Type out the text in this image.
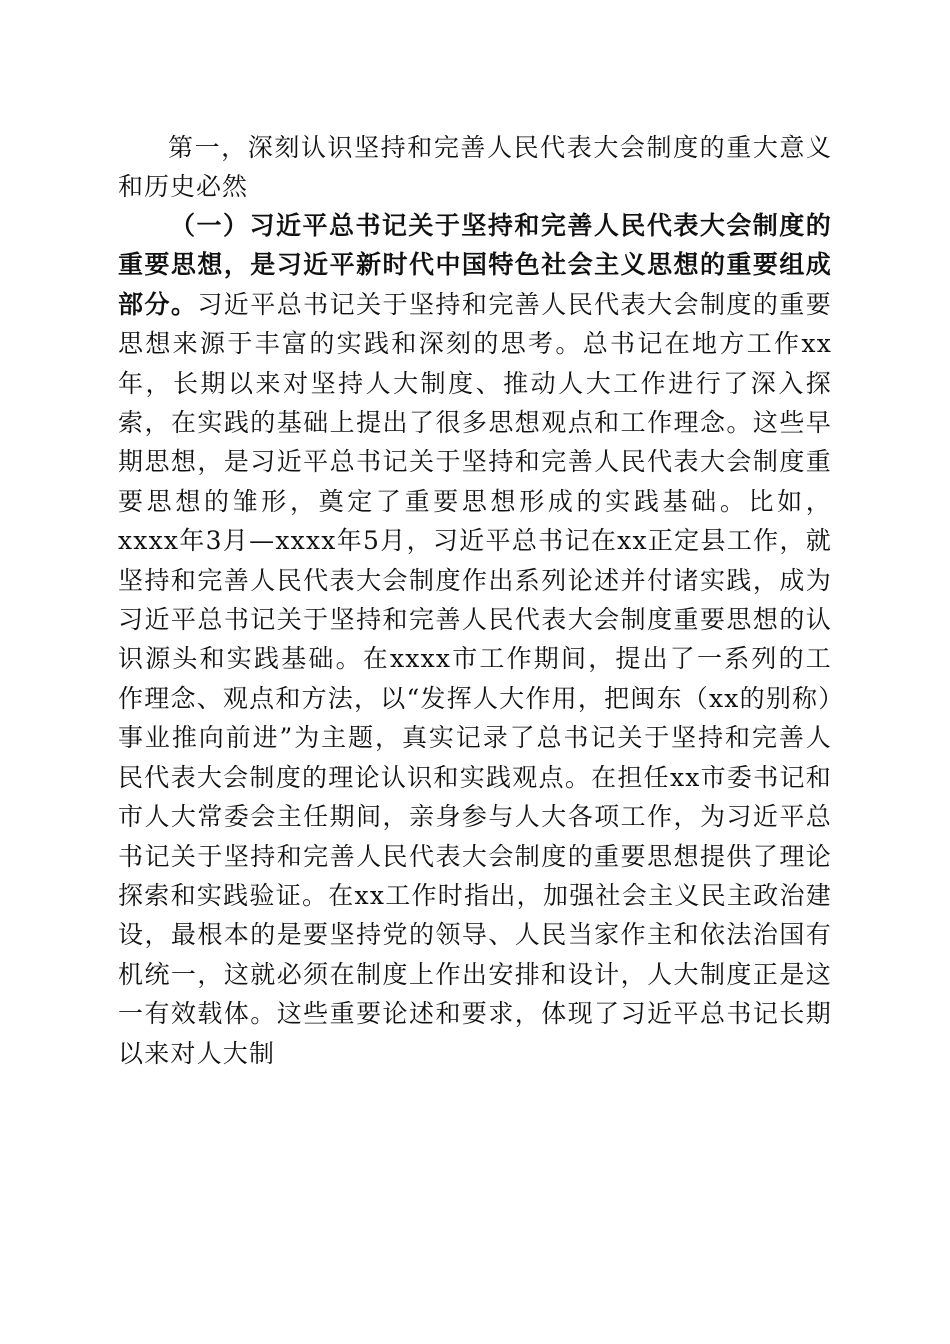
第一，深刻认识坚持和完善人民代表大会制度的重大意义和历史必然

（一）习近平总书记关于坚持和完善人民代表大会制度的重要思想，是习近平新时代中国特色社会主义思想的重要组成部分。习近平总书记关于坚持和完善人民代表大会制度的重要思想来源于丰富的实践和深刻的思考。总书记在地方工作xx年，长期以来对坚持人大制度、推动人大工作进行了深入探索，在实践的基础上提出了很多思想观点和工作理念。这些早期思想，是习近平总书记关于坚持和完善人民代表大会制度重要思想的雏形，奠定了重要思想形成的实践基础。比如，xxxx年3月—xxxx年5月，习近平总书记在xx正定县工作，就坚持和完善人民代表大会制度作出系列论述并付诸实践，成为习近平总书记关于坚持和完善人民代表大会制度重要思想的认识源头和实践基础。在xxxx市工作期间，提出了一系列的工作理念、观点和方法，以“发挥人大作用，把闽东（xx的别称）事业推向前进”为主题，真实记录了总书记关于坚持和完善人民代表大会制度的理论认识和实践观点。在担任xx市委书记和市人大常委会主任期间，亲身参与人大各项工作，为习近平总书记关于坚持和完善人民代表大会制度的重要思想提供了理论探索和实践验证。在xx工作时指出，加强社会主义民主政治建设，最根本的是要坚持党的领导、人民当家作主和依法治国有机统一，这就必须在制度上作出安排和设计，人大制度正是这一有效载体。这些重要论述和要求，体现了习近平总书记长期以来对人大制
